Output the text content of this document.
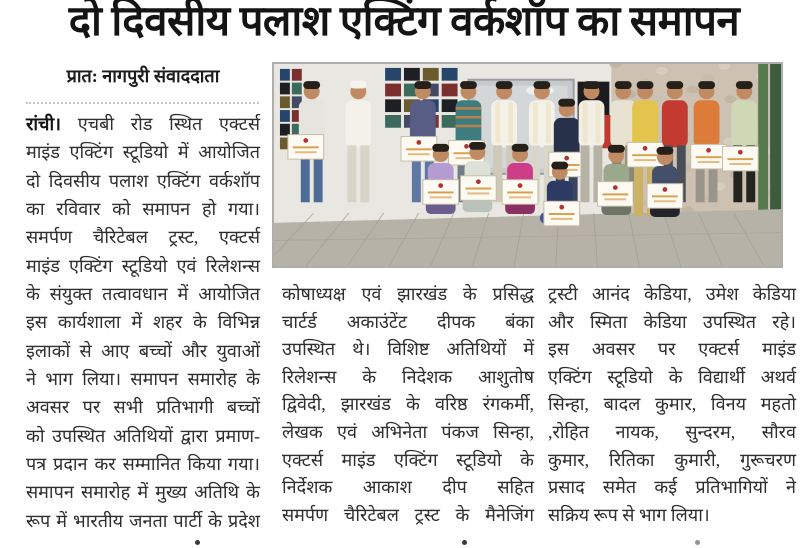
दो दिवसीय पलाश एक्टिंग वर्कशॉप का समापन
प्रात: नागपुरी संवाददाता
रांची। एचबी रोड स्थित एक्टर्स
माइंड एक्टिंग स्टूडियो में आयोजित
दो दिवसीय पलाश एक्टिंग वर्कशॉप
का रविवार को समापन हो गया।
समर्पण चैरिटेबल ट्रस्ट, एक्टर्स
माइंड एक्टिंग स्टूडियो एवं रिलेशन्स
के संयुक्त तत्वावधान में आयोजित
इस कार्यशाला में शहर के विभिन्न
इलाकों से आए बच्चों और युवाओं
ने भाग लिया। समापन समारोह के
अवसर पर सभी प्रतिभागी बच्चों
को उपस्थित अतिथियों द्वारा प्रमाण-
पत्र प्रदान कर सम्मानित किया गया।
समापन समारोह में मुख्य अतिथि के
रूप में भारतीय जनता पार्टी के प्रदेश
कोषाध्यक्ष एवं झारखंड के प्रसिद्ध
चार्टर्ड अकाउंटेंट दीपक बंका
उपस्थित थे। विशिष्ट अतिथियों में
रिलेशन्स के निदेशक आशुतोष
द्विवेदी, झारखंड के वरिष्ठ रंगकर्मी,
लेखक एवं अभिनेता पंकज सिन्हा,
एक्टर्स माइंड एक्टिंग स्टूडियो के
निर्देशक आकाश दीप सहित
समर्पण चैरिटेबल ट्रस्ट के मैनेजिंग
ट्रस्टी आनंद केडिया, उमेश केडिया
और स्मिता केडिया उपस्थित रहे।
इस अवसर पर एक्टर्स माइंड
एक्टिंग स्टूडियो के विद्यार्थी अथर्व
सिन्हा, बादल कुमार, विनय महतो
,रोहित नायक, सुन्दरम, सौरव
कुमार, रितिका कुमारी, गुरूचरण
प्रसाद समेत कई प्रतिभागियों ने
सक्रिय रूप से भाग लिया।
